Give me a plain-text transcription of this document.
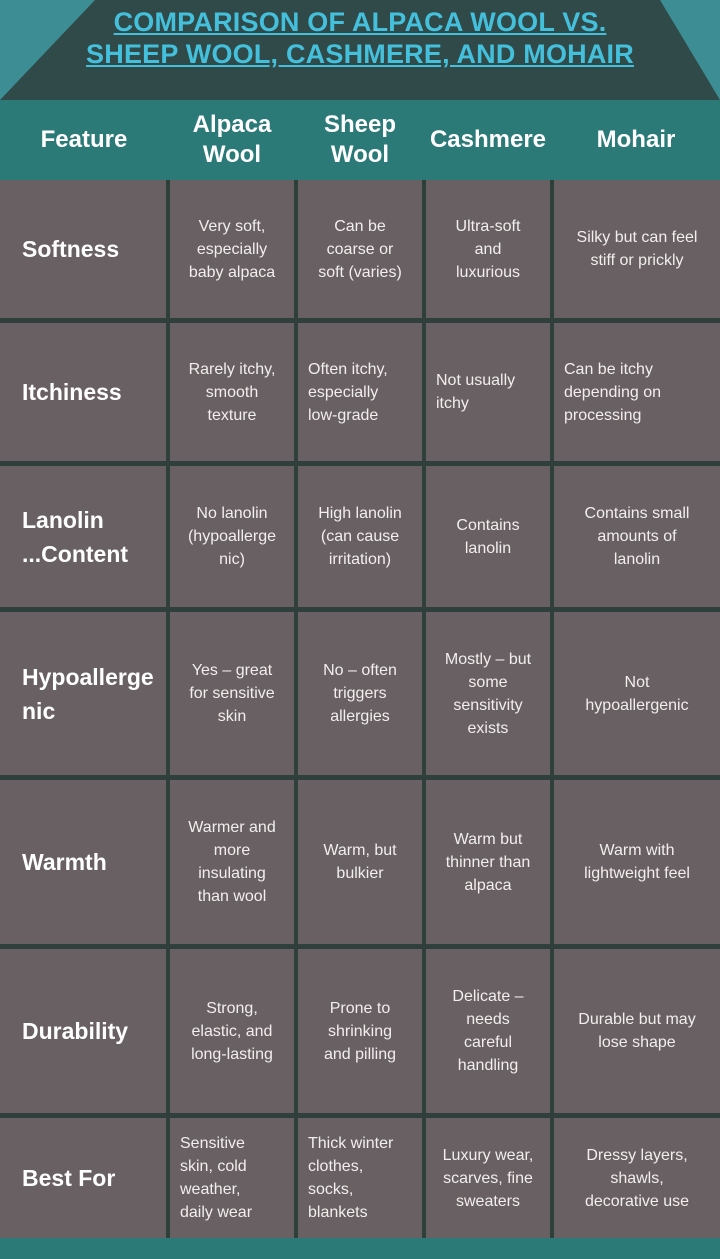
COMPARISON OF ALPACA WOOL VS.
SHEEP WOOL, CASHMERE, AND MOHAIR
Feature
Alpaca
Wool
Sheep
Wool
Cashmere Mohair
Softness
Very soft,
especially
baby alpaca
Can be
coarse or
soft (varies)
Ultra-soft
and
luxurious
Silky but can feel
stiff or prickly
Itchiness
Rarely itchy,
smooth
texture
Often itchy,
especially
low-grade
Not usually
itchy
Can be itchy
depending on
processing
Lanolin
...Content
No lanolin
(hypoallerge
nic)
High lanolin
(can cause
irritation)
Contains
lanolin
Contains small
amounts of
lanolin
Hypoallerge
nic
Yes – great
for sensitive
skin
No – often
triggers
allergies
Mostly – but
some
sensitivity
exists
Not
hypoallergenic
Warmth
Warmer and
more
insulating
than wool
Warm, but
bulkier
Warm but
thinner than
alpaca
Warm with
lightweight feel
Durability
Strong,
elastic, and
long-lasting
Prone to
shrinking
and pilling
Delicate –
needs
careful
handling
Durable but may
lose shape
Best For
Sensitive
skin, cold
weather,
daily wear
Thick winter
clothes,
socks,
blankets
Luxury wear,
scarves, fine
sweaters
Dressy layers,
shawls,
decorative use
